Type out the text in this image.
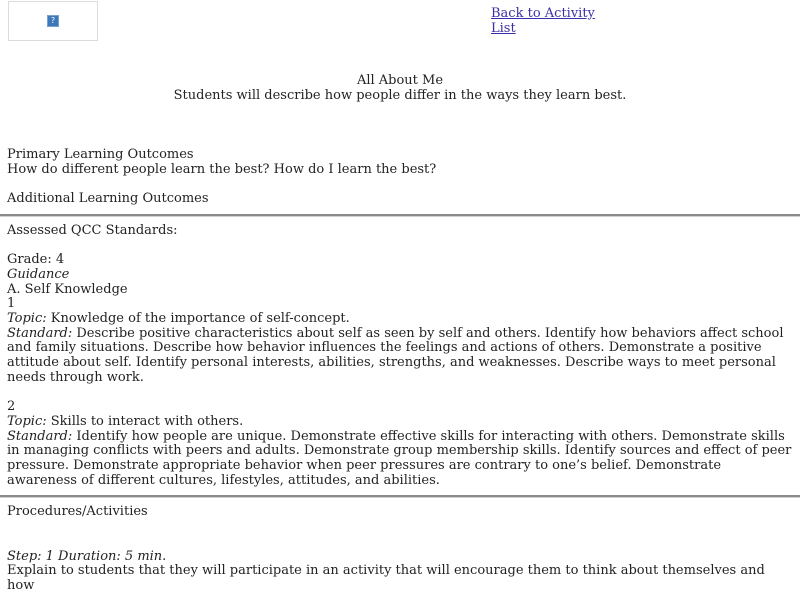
?	Back to Activity List
All About Me
Students will describe how people differ in the ways they learn best.
Primary Learning Outcomes
How do different people learn the best? How do I learn the best?
Additional Learning Outcomes
Assessed QCC Standards:
Grade: 4
Guidance
A. Self Knowledge
1
Topic: Knowledge of the importance of self-concept.
Standard: Describe positive characteristics about self as seen by self and others. Identify how behaviors affect school and family situations. Describe how behavior influences the feelings and actions of others. Demonstrate a positive attitude about self. Identify personal interests, abilities, strengths, and weaknesses. Describe ways to meet personal needs through work.
2
Topic: Skills to interact with others.
Standard: Identify how people are unique. Demonstrate effective skills for interacting with others. Demonstrate skills in managing conflicts with peers and adults. Demonstrate group membership skills. Identify sources and effect of peer pressure. Demonstrate appropriate behavior when peer pressures are contrary to one’s belief. Demonstrate awareness of different cultures, lifestyles, attitudes, and abilities.
Procedures/Activities
Step: 1 Duration: 5 min.
Explain to students that they will participate in an activity that will encourage them to think about themselves and how
